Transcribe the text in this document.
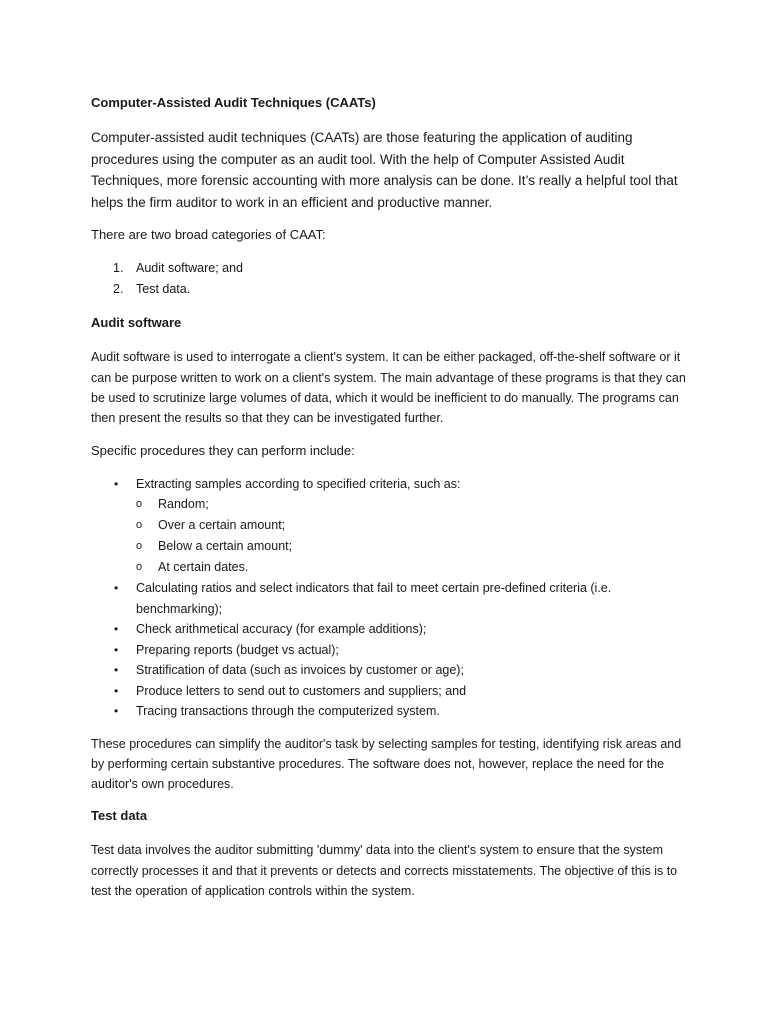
Computer-Assisted Audit Techniques (CAATs)

Computer-assisted audit techniques (CAATs) are those featuring the application of auditing procedures using the computer as an audit tool. With the help of Computer Assisted Audit Techniques, more forensic accounting with more analysis can be done. It’s really a helpful tool that helps the firm auditor to work in an efficient and productive manner.

There are two broad categories of CAAT:

1. Audit software; and
2. Test data.
Audit software

Audit software is used to interrogate a client's system. It can be either packaged, off-the-shelf software or it can be purpose written to work on a client's system. The main advantage of these programs is that they can be used to scrutinize large volumes of data, which it would be inefficient to do manually. The programs can then present the results so that they can be investigated further.

Specific procedures they can perform include:

• Extracting samples according to specified criteria, such as:
o Random;
o Over a certain amount;
o Below a certain amount;
o At certain dates.
• Calculating ratios and select indicators that fail to meet certain pre-defined criteria (i.e. benchmarking);
• Check arithmetical accuracy (for example additions);
• Preparing reports (budget vs actual);
• Stratification of data (such as invoices by customer or age);
• Produce letters to send out to customers and suppliers; and
• Tracing transactions through the computerized system.

These procedures can simplify the auditor's task by selecting samples for testing, identifying risk areas and by performing certain substantive procedures. The software does not, however, replace the need for the auditor's own procedures.

Test data

Test data involves the auditor submitting 'dummy' data into the client's system to ensure that the system correctly processes it and that it prevents or detects and corrects misstatements. The objective of this is to test the operation of application controls within the system.
